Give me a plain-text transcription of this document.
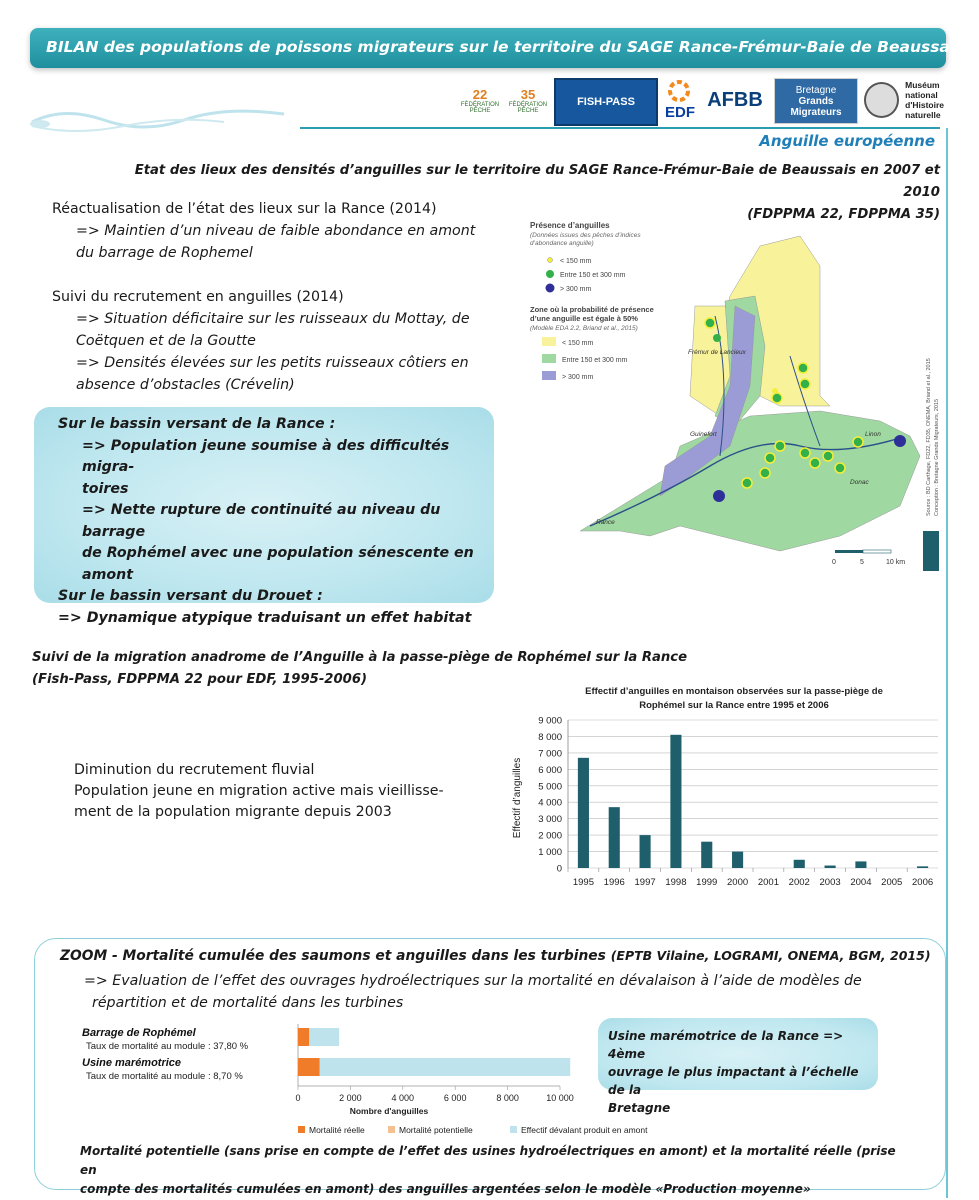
BILAN des populations de poissons migrateurs sur le territoire du SAGE Rance-Frémur-Baie de Beaussais
22
FÉDÉRATION PÊCHE
35
FÉDÉRATION PÊCHE
FISH-PASS
EDF
AFBB	Bretagne
Grands Migrateurs
Muséum
national
d'Histoire
naturelle
Anguille européenne
Etat des lieux des densités d’anguilles sur le territoire du SAGE Rance-Frémur-Baie de Beaussais en 2007 et 2010
(FDPPMA 22, FDPPMA 35)
Réactualisation de l’état des lieux sur la Rance (2014)
=> Maintien d’un niveau de faible abondance en amont
du barrage de Rophemel
Suivi du recrutement en anguilles (2014)
=> Situation déficitaire sur les ruisseaux du Mottay, de
Coëtquen et de la Goutte
=> Densités élevées sur les petits ruisseaux côtiers en
absence d’obstacles (Crévelin)
Sur le bassin versant de la Rance :
=> Population jeune soumise à des difficultés migra-
toires
=> Nette rupture de continuité au niveau du barrage
de Rophémel avec une population sénescente en
amont
Sur le bassin versant du Drouet :
=> Dynamique atypique traduisant un effet habitat
Présence d’anguilles
(Données issues des pêches d’indices
d’abondance anguille)
< 150 mm
Entre 150 et 300 mm
> 300 mm
Zone où la probabilité de présence
d’une anguille est égale à 50%
(Modèle EDA 2.2, Briand et al., 2015)
< 150 mm
Entre 150 et 300 mm
> 300 mm
Frémur de Lancieux
Guinefort	Linon
Donac
Rance
0	5	10 km
Source : BD Carthage, FD22, FD35, ONEMA, Briand et al., 2015 Conception : Bretagne Grands Migrateurs, 2015
Suivi de la migration anadrome de l’Anguille à la passe-piège de Rophémel sur la Rance
(Fish-Pass, FDPPMA 22 pour EDF, 1995-2006)
Diminution du recrutement fluvial
Population jeune en migration active mais vieillisse-
ment de la population migrante depuis 2003
Effectif d’anguilles en montaison observées sur la passe-piège de
Rophémel sur la Rance entre 1995 et 2006
Effectif d’anguilles
0
1 000
2 000
3 000
4 000
5 000
6 000
7 000
8 000
9 000
1995 1996 1997 1998 1999 2000 2001 2002 2003 2004 2005 2006
ZOOM - Mortalité cumulée des saumons et anguilles dans les turbines (EPTB Vilaine, LOGRAMI, ONEMA, BGM, 2015)
=> Evaluation de l’effet des ouvrages hydroélectriques sur la mortalité en dévalaison à l’aide de modèles de
répartition et de mortalité dans les turbines
0	2 000	4 000	6 000	8 000	10 000
Nombre d'anguilles
Barrage de Rophémel
Taux de mortalité au module : 37,80 %
Usine marémotrice
Taux de mortalité au module : 8,70 %
Mortalité réelle	Mortalité potentielle	Effectif dévalant produit en amont
Usine marémotrice de la Rance => 4ème
ouvrage le plus impactant à l’échelle de la
Bretagne
Mortalité potentielle (sans prise en compte de l’effet des usines hydroélectriques en amont) et la mortalité réelle (prise en
compte des mortalités cumulées en amont) des anguilles argentées selon le modèle «Production moyenne»
